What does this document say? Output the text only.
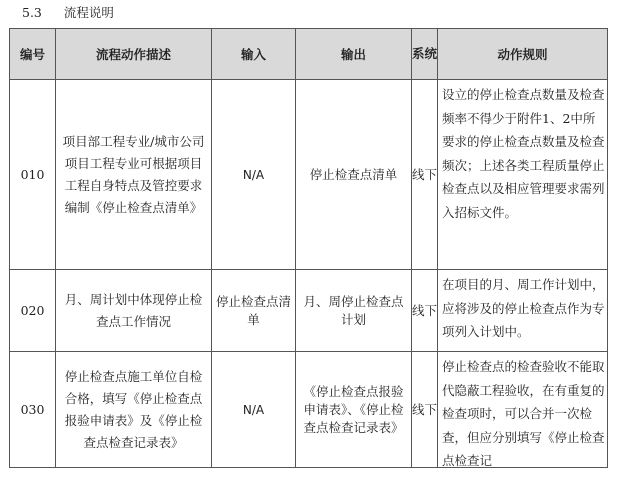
5.3 流程说明
编号	流程动作描述	输入	输出	系统	动作规则
010	项目部工程专业/城市公司项目工程专业可根据项目工程自身特点及管控要求编制《停止检查点清单》	N/A	停止检查点清单	线下	设立的停止检查点数量及检查频率不得少于附件1、2中所要求的停止检查点数量及检查频次；上述各类工程质量停止检查点以及相应管理要求需列入招标文件。
020	月、周计划中体现停止检查点工作情况	停止检查点清单	月、周停止检查点计划	线下	在项目的月、周工作计划中，应将涉及的停止检查点作为专项列入计划中。
030	停止检查点施工单位自检合格，填写《停止检查点报验申请表》及《停止检查点检查记录表》	N/A	《停止检查点报验申请表》、《停止检查点检查记录表》	线下	停止检查点的检查验收不能取代隐蔽工程验收，在有重复的检查项时，可以合并一次检查，但应分别填写《停止检查点检查记
